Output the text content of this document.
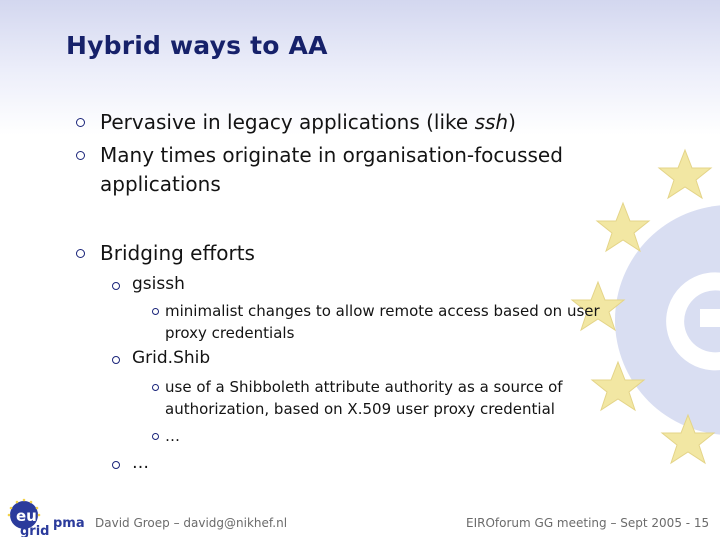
Hybrid ways to AA
Pervasive in legacy applications (like ssh)
Many times originate in organisation-focussed
applications
Bridging efforts
gsissh
minimalist changes to allow remote access based on user
proxy credentials
Grid.Shib
use of a Shibboleth attribute authority as a source of
authorization, based on X.509 user proxy credential
…
…
eu
grid
pma David Groep – davidg@nikhef.nl	EIROforum GG meeting – Sept 2005 - 15
